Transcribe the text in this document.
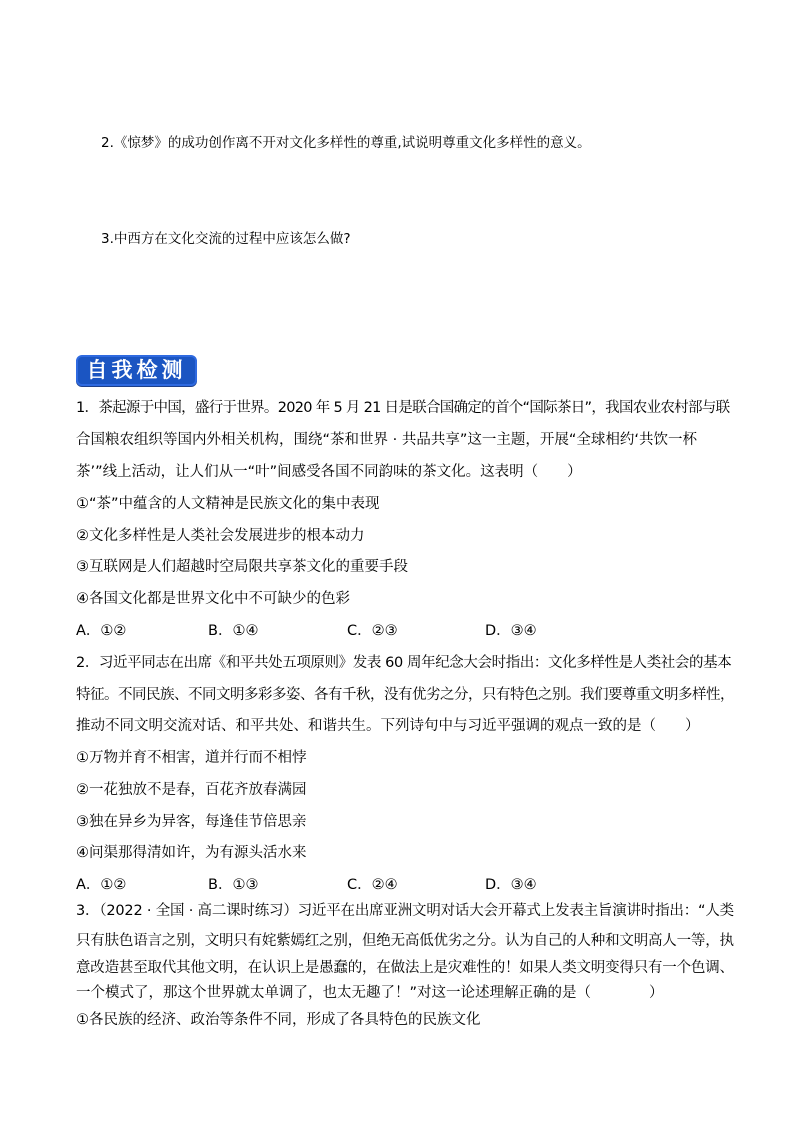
2.《惊梦》的成功创作离不开对文化多样性的尊重,试说明尊重文化多样性的意义。
3.中西方在文化交流的过程中应该怎么做?
自我检测
1．茶起源于中国，盛行于世界。2020 年 5 月 21 日是联合国确定的首个“国际茶日”，我国农业农村部与联
合国粮农组织等国内外相关机构，围绕“茶和世界 · 共品共享”这一主题，开展“全球相约‘共饮一杯
茶’”线上活动，让人们从一“叶”间感受各国不同韵味的茶文化。这表明（　　）
①“茶”中蕴含的人文精神是民族文化的集中表现
②文化多样性是人类社会发展进步的根本动力
③互联网是人们超越时空局限共享茶文化的重要手段
④各国文化都是世界文化中不可缺少的色彩
A．①②	B．①④	C．②③	D．③④
2．习近平同志在出席《和平共处五项原则》发表 60 周年纪念大会时指出：文化多样性是人类社会的基本
特征。不同民族、不同文明多彩多姿、各有千秋，没有优劣之分，只有特色之别。我们要尊重文明多样性，
推动不同文明交流对话、和平共处、和谐共生。下列诗句中与习近平强调的观点一致的是（　　）
①万物并育不相害，道并行而不相悖
②一花独放不是春，百花齐放春满园
③独在异乡为异客，每逢佳节倍思亲
④问渠那得清如许，为有源头活水来
A．①②	B．①③	C．②④	D．③④
3．（2022 · 全国 · 高二课时练习）习近平在出席亚洲文明对话大会开幕式上发表主旨演讲时指出：“人类
只有肤色语言之别，文明只有姹紫嫣红之别，但绝无高低优劣之分。认为自己的人种和文明高人一等，执
意改造甚至取代其他文明，在认识上是愚蠢的，在做法上是灾难性的！如果人类文明变得只有一个色调、
一个模式了，那这个世界就太单调了，也太无趣了！”对这一论述理解正确的是（　　　　）
①各民族的经济、政治等条件不同，形成了各具特色的民族文化
